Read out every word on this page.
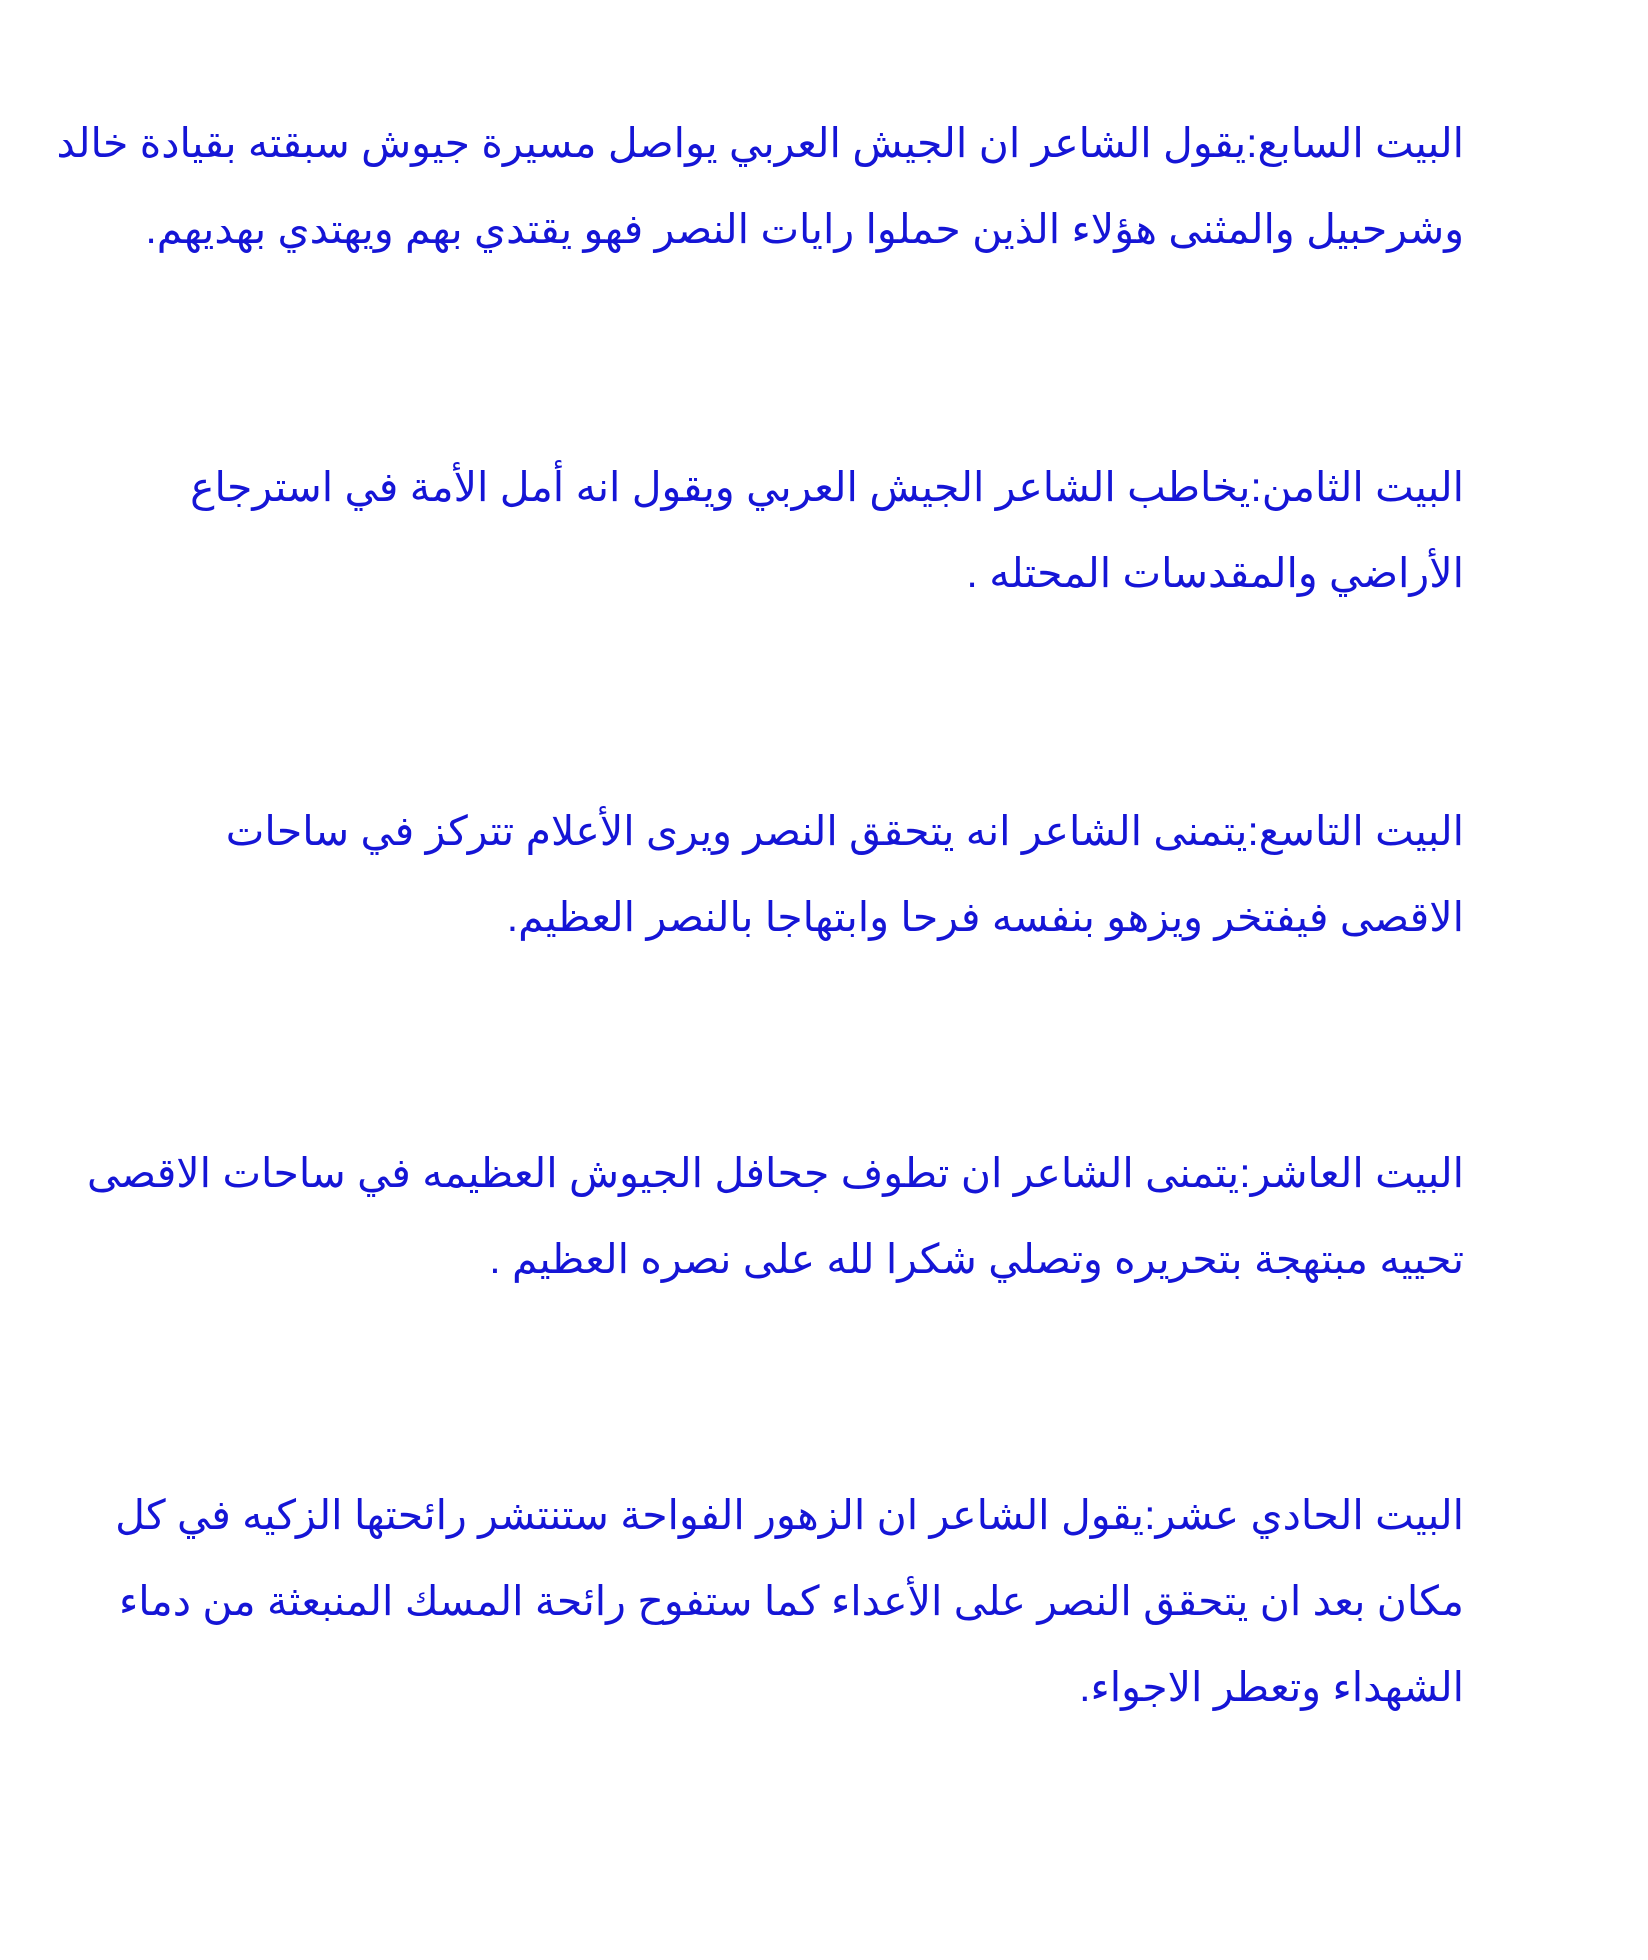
البيت السابع:يقول الشاعر ان الجيش العربي يواصل مسيرة جيوش سبقته بقيادة خالد
وشرحبيل والمثنى هؤلاء الذين حملوا رايات النصر فهو يقتدي بهم ويهتدي بهديهم.
البيت الثامن:يخاطب الشاعر الجيش العربي ويقول انه أمل الأمة في استرجاع
الأراضي والمقدسات المحتله .
البيت التاسع:يتمنى الشاعر انه يتحقق النصر ويرى الأعلام تتركز في ساحات
الاقصى فيفتخر ويزهو بنفسه فرحا وابتهاجا بالنصر العظيم.
البيت العاشر:يتمنى الشاعر ان تطوف جحافل الجيوش العظيمه في ساحات الاقصى
تحييه مبتهجة بتحريره وتصلي شكرا لله على نصره العظيم .
البيت الحادي عشر:يقول الشاعر ان الزهور الفواحة ستنتشر رائحتها الزكيه في كل
مكان بعد ان يتحقق النصر على الأعداء كما ستفوح رائحة المسك المنبعثة من دماء
الشهداء وتعطر الاجواء.
